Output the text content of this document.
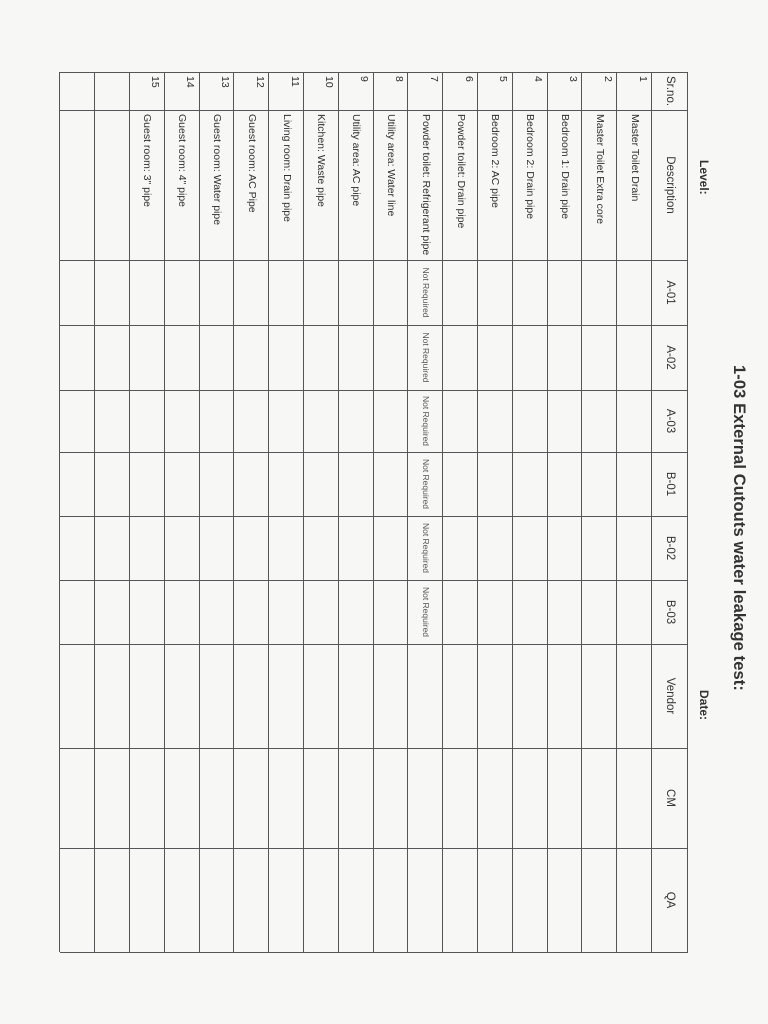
1-03 External Cutouts water leakage test:
Level:
Date:
Sr.no.
Description
A-01
A-02
A-03
B-01
B-02
B-03
Vendor
CM
QA
1
Master Toilet Drain
2
Master Toilet Extra core
3
Bedroom 1: Drain pipe
4
Bedroom 2: Drain pipe
5
Bedroom 2: AC pipe
6
Powder toilet: Drain pipe
7
Powder toilet: Refrigerant pipe
Not Required
Not Required
Not Required
Not Required
Not Required
Not Required
8
Utility area: Water line
9
Utility area: AC pipe
10
Kitchen: Waste pipe
11
Living room: Drain pipe
12
Guest room: AC Pipe
13
Guest room: Water pipe
14
Guest room: 4" pipe
15
Guest room: 3" pipe
